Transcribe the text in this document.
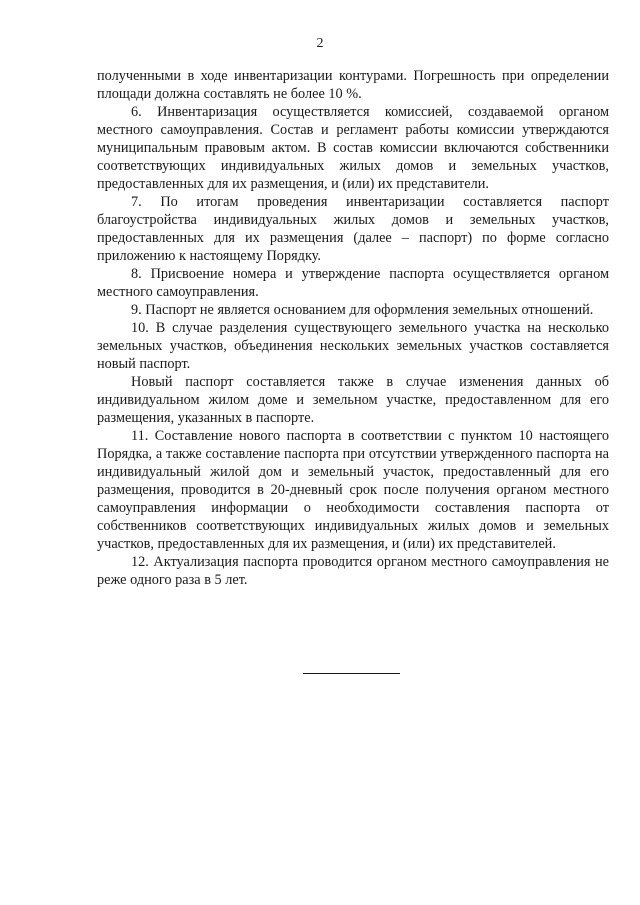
2

полученными в ходе инвентаризации контурами. Погрешность при определении площади должна составлять не более 10 %.

6. Инвентаризация осуществляется комиссией, создаваемой органом местного самоуправления. Состав и регламент работы комиссии утверждаются муниципальным правовым актом. В состав комиссии включаются собственники соответствующих индивидуальных жилых домов и земельных участков, предоставленных для их размещения, и (или) их представители.

7. По итогам проведения инвентаризации составляется паспорт благоустройства индивидуальных жилых домов и земельных участков, предоставленных для их размещения (далее – паспорт) по форме согласно приложению к настоящему Порядку.

8. Присвоение номера и утверждение паспорта осуществляется органом местного самоуправления.

9. Паспорт не является основанием для оформления земельных отношений.

10. В случае разделения существующего земельного участка на несколько земельных участков, объединения нескольких земельных участков составляется новый паспорт.

Новый паспорт составляется также в случае изменения данных об индивидуальном жилом доме и земельном участке, предоставленном для его размещения, указанных в паспорте.

11. Составление нового паспорта в соответствии с пунктом 10 настоящего Порядка, а также составление паспорта при отсутствии утвержденного паспорта на индивидуальный жилой дом и земельный участок, предоставленный для его размещения, проводится в 20-дневный срок после получения органом местного самоуправления информации о необходимости составления паспорта от собственников соответствующих индивидуальных жилых домов и земельных участков, предоставленных для их размещения, и (или) их представителей.

12. Актуализация паспорта проводится органом местного самоуправления не реже одного раза в 5 лет.
